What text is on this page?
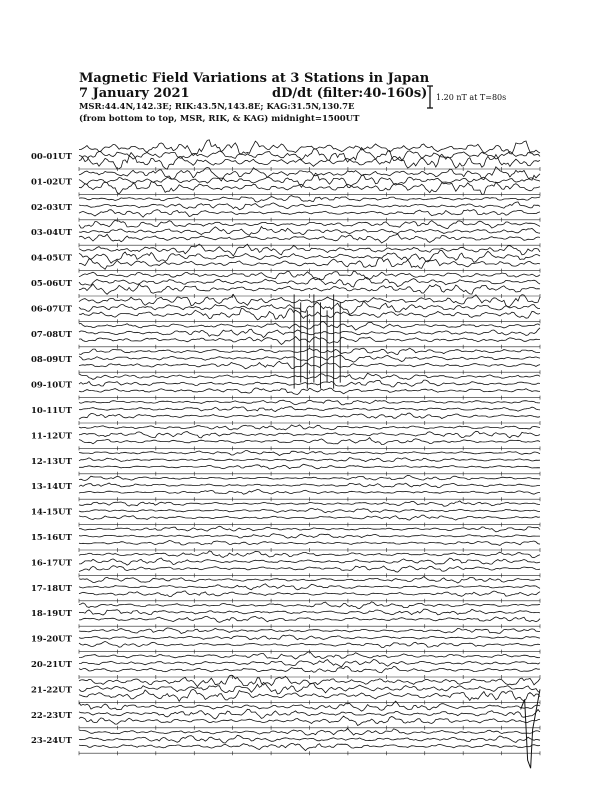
Magnetic Field Variations at 3 Stations in Japan
7 January 2021	dD/dt (filter:40-160s)
MSR:44.4N,142.3E; RIK:43.5N,143.8E; KAG:31.5N,130.7E
(from bottom to top, MSR, RIK, & KAG) midnight=1500UT
1.20 nT at T=80s
00-01UT
01-02UT
02-03UT
03-04UT
04-05UT
05-06UT
06-07UT
07-08UT
08-09UT
09-10UT
10-11UT
11-12UT
12-13UT
13-14UT
14-15UT
15-16UT
16-17UT
17-18UT
18-19UT
19-20UT
20-21UT
21-22UT
22-23UT
23-24UT
